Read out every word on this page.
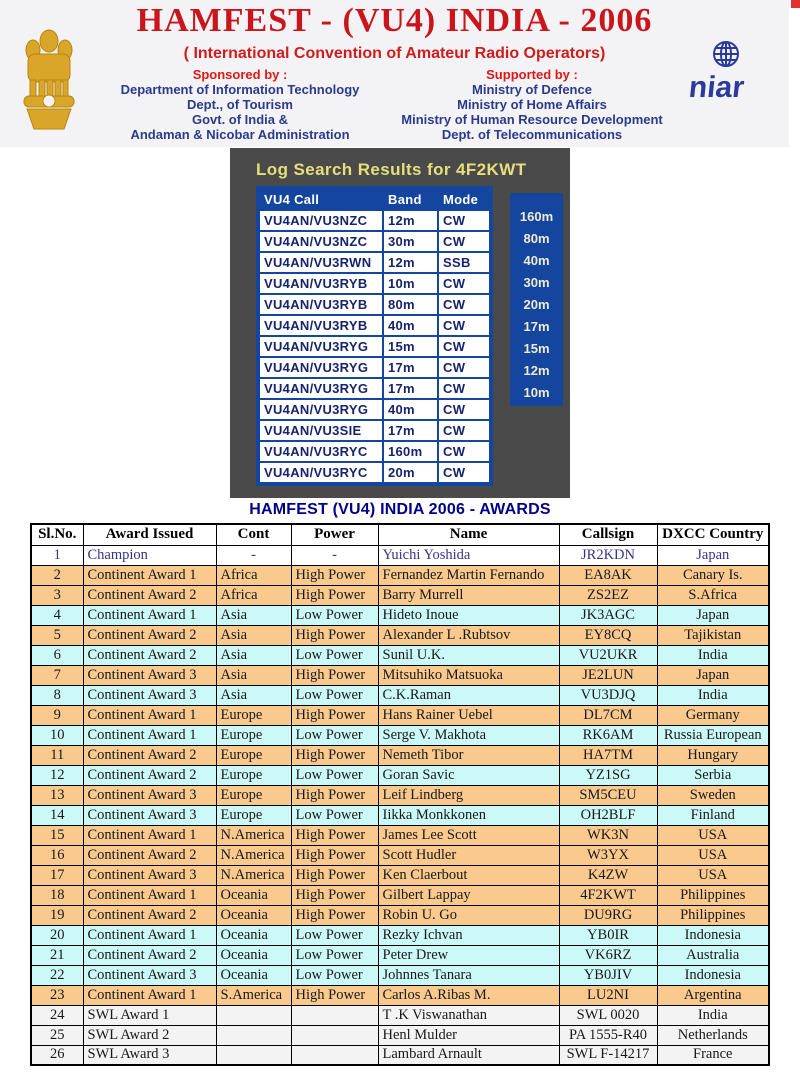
HAMFEST - (VU4) INDIA - 2006
( International Convention of Amateur Radio Operators)
Sponsored by :
Department of Information Technology
Dept., of Tourism
Govt. of India &
Andaman & Nicobar Administration
Supported by :
Ministry of Defence
Ministry of Home Affairs
Ministry of Human Resource Development
Dept. of Telecommunications
niar
Log Search Results for 4F2KWT
VU4 Call	Band	Mode
VU4AN/VU3NZC	12m	CW
VU4AN/VU3NZC	30m	CW
VU4AN/VU3RWN	12m	SSB
VU4AN/VU3RYB	10m	CW
VU4AN/VU3RYB	80m	CW
VU4AN/VU3RYB	40m	CW
VU4AN/VU3RYG	15m	CW
VU4AN/VU3RYG	17m	CW
VU4AN/VU3RYG	17m	CW
VU4AN/VU3RYG	40m	CW
VU4AN/VU3SIE	17m	CW
VU4AN/VU3RYC	160m	CW
VU4AN/VU3RYC	20m	CW
160m
80m
40m
30m
20m
17m
15m
12m
10m
HAMFEST (VU4) INDIA 2006 - AWARDS
Sl.No.	Award Issued	Cont	Power	Name	Callsign	DXCC Country
1	Champion	-	-	Yuichi Yoshida	JR2KDN	Japan
2	Continent Award 1	Africa	High Power	Fernandez Martin Fernando	EA8AK	Canary Is.
3	Continent Award 2	Africa	High Power	Barry Murrell	ZS2EZ	S.Africa
4	Continent Award 1	Asia	Low Power	Hideto Inoue	JK3AGC	Japan
5	Continent Award 2	Asia	High Power	Alexander L .Rubtsov	EY8CQ	Tajikistan
6	Continent Award 2	Asia	Low Power	Sunil U.K.	VU2UKR	India
7	Continent Award 3	Asia	High Power	Mitsuhiko Matsuoka	JE2LUN	Japan
8	Continent Award 3	Asia	Low Power	C.K.Raman	VU3DJQ	India
9	Continent Award 1	Europe	High Power	Hans Rainer Uebel	DL7CM	Germany
10	Continent Award 1	Europe	Low Power	Serge V. Makhota	RK6AM	Russia European
11	Continent Award 2	Europe	High Power	Nemeth Tibor	HA7TM	Hungary
12	Continent Award 2	Europe	Low Power	Goran Savic	YZ1SG	Serbia
13	Continent Award 3	Europe	High Power	Leif Lindberg	SM5CEU	Sweden
14	Continent Award 3	Europe	Low Power	Iikka Monkkonen	OH2BLF	Finland
15	Continent Award 1	N.America	High Power	James Lee Scott	WK3N	USA
16	Continent Award 2	N.America	High Power	Scott Hudler	W3YX	USA
17	Continent Award 3	N.America	High Power	Ken Claerbout	K4ZW	USA
18	Continent Award 1	Oceania	High Power	Gilbert Lappay	4F2KWT	Philippines
19	Continent Award 2	Oceania	High Power	Robin U. Go	DU9RG	Philippines
20	Continent Award 1	Oceania	Low Power	Rezky Ichvan	YB0IR	Indonesia
21	Continent Award 2	Oceania	Low Power	Peter Drew	VK6RZ	Australia
22	Continent Award 3	Oceania	Low Power	Johnnes Tanara	YB0JIV	Indonesia
23	Continent Award 1	S.America	High Power	Carlos A.Ribas M.	LU2NI	Argentina
24	SWL Award 1			T .K Viswanathan	SWL 0020	India
25	SWL Award 2			Henl Mulder	PA 1555-R40	Netherlands
26	SWL Award 3			Lambard Arnault	SWL F-14217	France
